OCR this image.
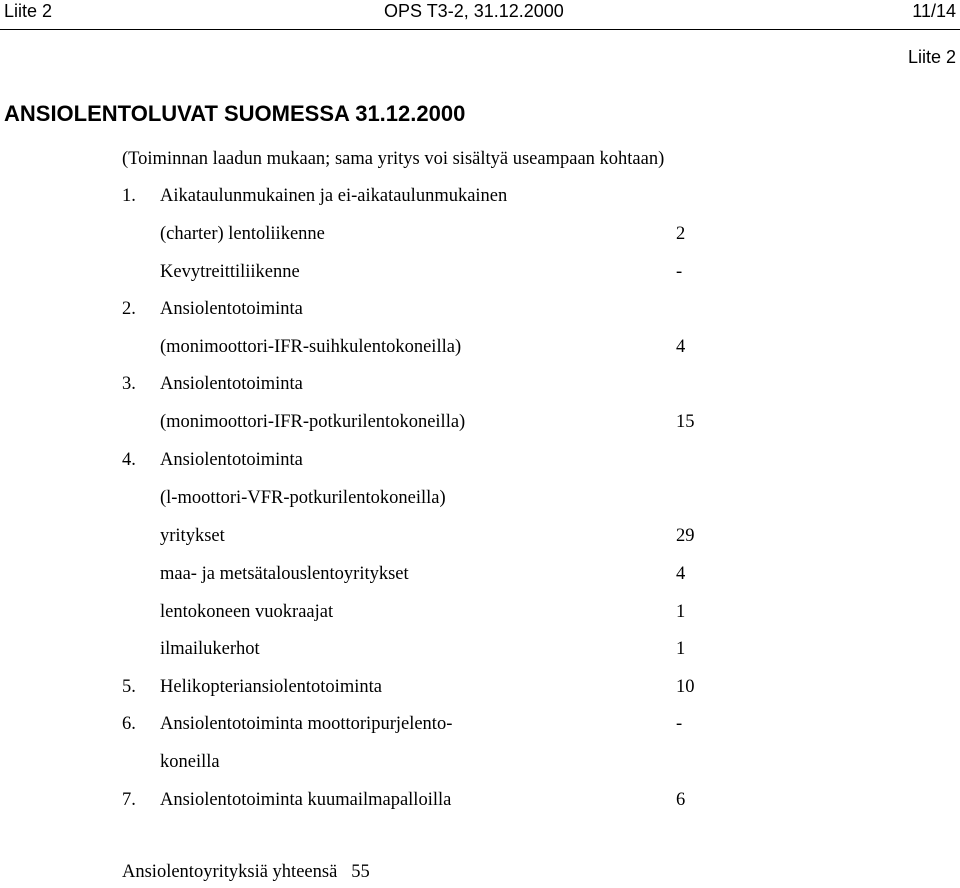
Liite 2	OPS T3-2, 31.12.2000	11/14
Liite 2
ANSIOLENTOLUVAT SUOMESSA 31.12.2000
(Toiminnan laadun mukaan; sama yritys voi sisältyä useampaan kohtaan)
1. Aikataulunmukainen ja ei-aikataulunmukainen
(charter) lentoliikenne	2
Kevytreittiliikenne	-
2. Ansiolentotoiminta
(monimoottori-IFR-suihkulentokoneilla)	4
3. Ansiolentotoiminta
(monimoottori-IFR-potkurilentokoneilla)	15
4. Ansiolentotoiminta
(l-moottori-VFR-potkurilentokoneilla)
yritykset	29
maa- ja metsätalouslentoyritykset	4
lentokoneen vuokraajat	1
ilmailukerhot	1
5. Helikopteriansiolentotoiminta	10
6. Ansiolentotoiminta moottoripurjelento-	-
koneilla
7. Ansiolentotoiminta kuumailmapalloilla	6
Ansiolentoyrityksiä yhteensä 55
